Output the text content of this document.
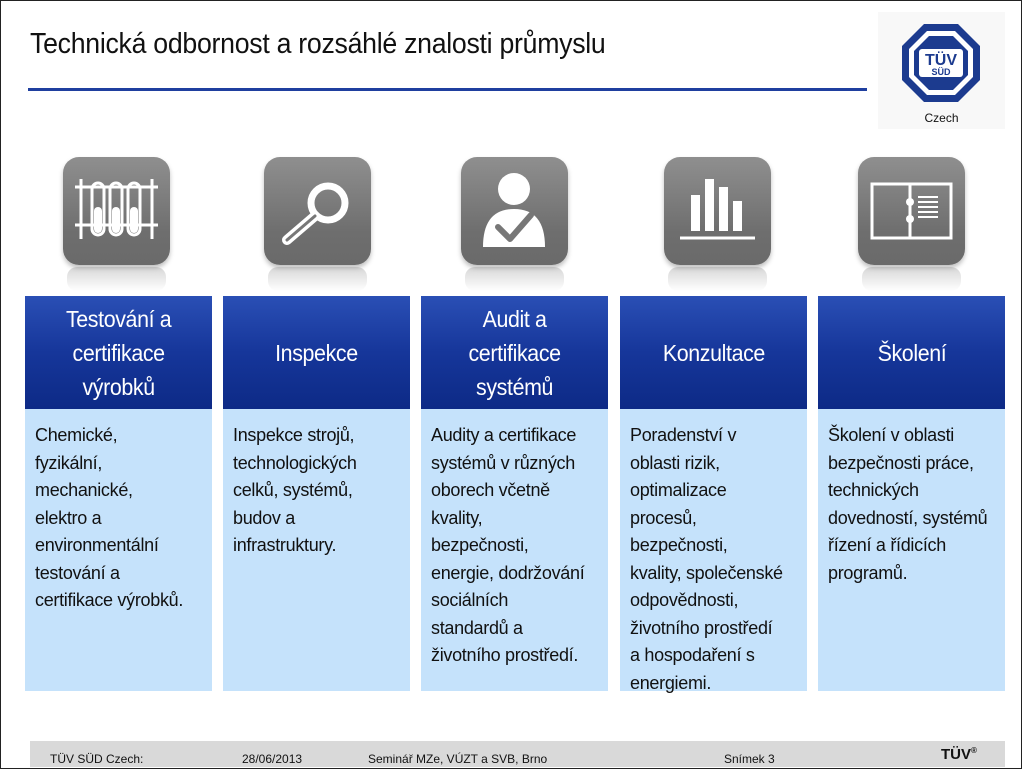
Technická odbornost a rozsáhlé znalosti průmyslu
TÜV
SÜD
Czech
Testování a
certifikace
výrobků
Inspekce
Audit a
certifikace
systémů
Konzultace	Školení
Chemické,
fyzikální,
mechanické,
elektro a
environmentální
testování a
certifikace výrobků.
Inspekce strojů,
technologických
celků, systémů,
budov a
infrastruktury.
Audity a certifikace
systémů v různých
oborech včetně
kvality,
bezpečnosti,
energie, dodržování
sociálních
standardů a
životního prostředí.
Poradenství v
oblasti rizik,
optimalizace
procesů,
bezpečnosti,
kvality, společenské
odpovědnosti,
životního prostředí
a hospodaření s
energiemi.
Školení v oblasti
bezpečnosti práce,
technických
dovedností, systémů
řízení a řídicích
programů.
TÜV SÜD Czech:	28/06/2013	Seminář MZe, VÚZT a SVB, Brno	Snímek 3	TÜV®
